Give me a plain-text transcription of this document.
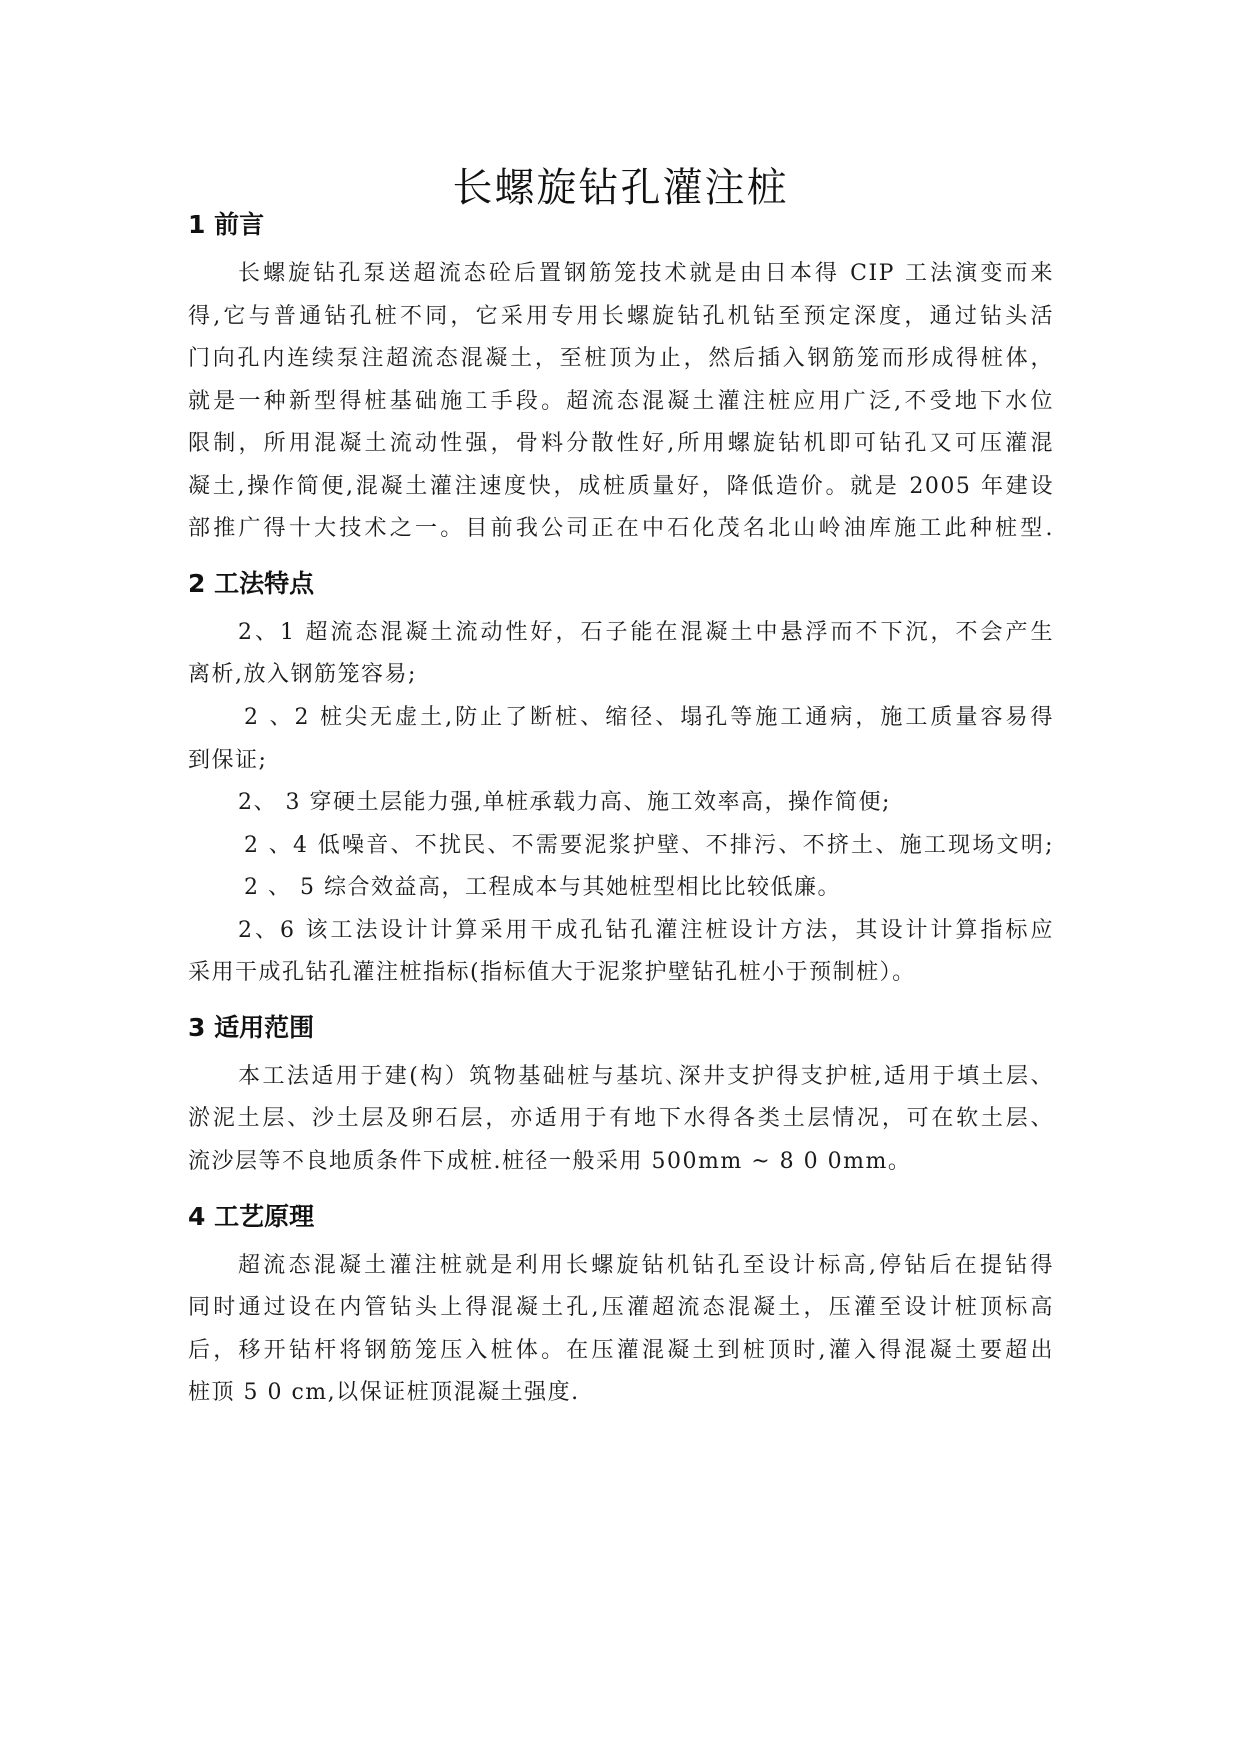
长螺旋钻孔灌注桩
1 前言
长螺旋钻孔泵送超流态砼后置钢筋笼技术就是由日本得 CIP 工法演变而来
得,它与普通钻孔桩不同，它采用专用长螺旋钻孔机钻至预定深度，通过钻头活
门向孔内连续泵注超流态混凝土，至桩顶为止，然后插入钢筋笼而形成得桩体，
就是一种新型得桩基础施工手段。超流态混凝土灌注桩应用广泛,不受地下水位
限制，所用混凝土流动性强，骨料分散性好,所用螺旋钻机即可钻孔又可压灌混
凝土,操作简便,混凝土灌注速度快，成桩质量好，降低造价。就是 2005 年建设
部推广得十大技术之一。目前我公司正在中石化茂名北山岭油库施工此种桩型.
2 工法特点
2、1 超流态混凝土流动性好，石子能在混凝土中悬浮而不下沉，不会产生
离析,放入钢筋笼容易;
2 、2 桩尖无虚土,防止了断桩、缩径、塌孔等施工通病，施工质量容易得
到保证;
2、 3 穿硬土层能力强,单桩承载力高、施工效率高，操作简便;
2 、4 低噪音、不扰民、不需要泥浆护壁、不排污、不挤土、施工现场文明;
2 、 5 综合效益高，工程成本与其她桩型相比比较低廉。
2、6 该工法设计计算采用干成孔钻孔灌注桩设计方法，其设计计算指标应
采用干成孔钻孔灌注桩指标(指标值大于泥浆护壁钻孔桩小于预制桩）。
3 适用范围
本工法适用于建(构）筑物基础桩与基坑､深井支护得支护桩,适用于填土层、
淤泥土层、沙土层及卵石层，亦适用于有地下水得各类土层情况，可在软土层、
流沙层等不良地质条件下成桩.桩径一般采用 500mm ~ 8 0 0mm。
4 工艺原理
超流态混凝土灌注桩就是利用长螺旋钻机钻孔至设计标高,停钻后在提钻得
同时通过设在内管钻头上得混凝土孔,压灌超流态混凝土，压灌至设计桩顶标高
后，移开钻杆将钢筋笼压入桩体。在压灌混凝土到桩顶时,灌入得混凝土要超出
桩顶 5 0 cm,以保证桩顶混凝土强度.
